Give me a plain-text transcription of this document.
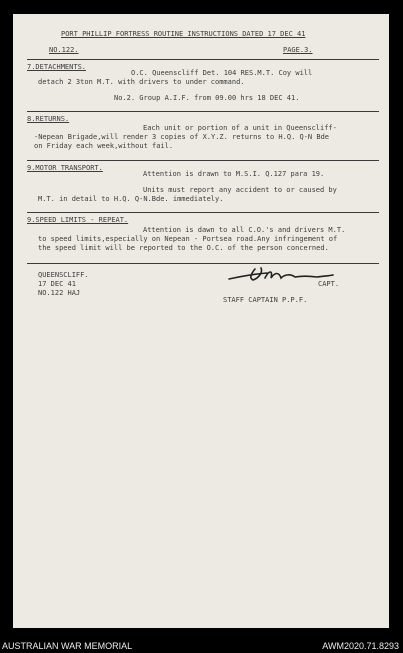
PORT PHILLIP FORTRESS ROUTINE INSTRUCTIONS DATED 17 DEC 41
NO.122.	PAGE.3.
7.DETACHMENTS.
O.C. Queenscliff Det. 104 RES.M.T. Coy will
detach 2 3ton M.T. with drivers to under command.
No.2. Group A.I.F. from 09.00 hrs 18 DEC 41.
8.RETURNS.
Each unit or portion of a unit in Queenscliff-
-Nepean Brigade,will render 3 copies of X.Y.Z. returns to H.Q. Q-N Bde
on Friday each week,without fail.
9.MOTOR TRANSPORT.
Attention is drawn to M.S.I. Q.127 para 19.
Units must report any accident to or caused by
M.T. in detail to H.Q. Q-N.Bde. immediately.
9.SPEED LIMITS - REPEAT.
Attention is dawn to all C.O.'s and drivers M.T.
to speed limits,especially on Nepean - Portsea road.Any infringement of
the speed limit will be reported to the O.C. of the person concerned.
QUEENSCLIFF.
17 DEC 41
NO.122 HAJ
CAPT.
STAFF CAPTAIN P.P.F.
AUSTRALIAN WAR MEMORIAL	AWM2020.71.8293
